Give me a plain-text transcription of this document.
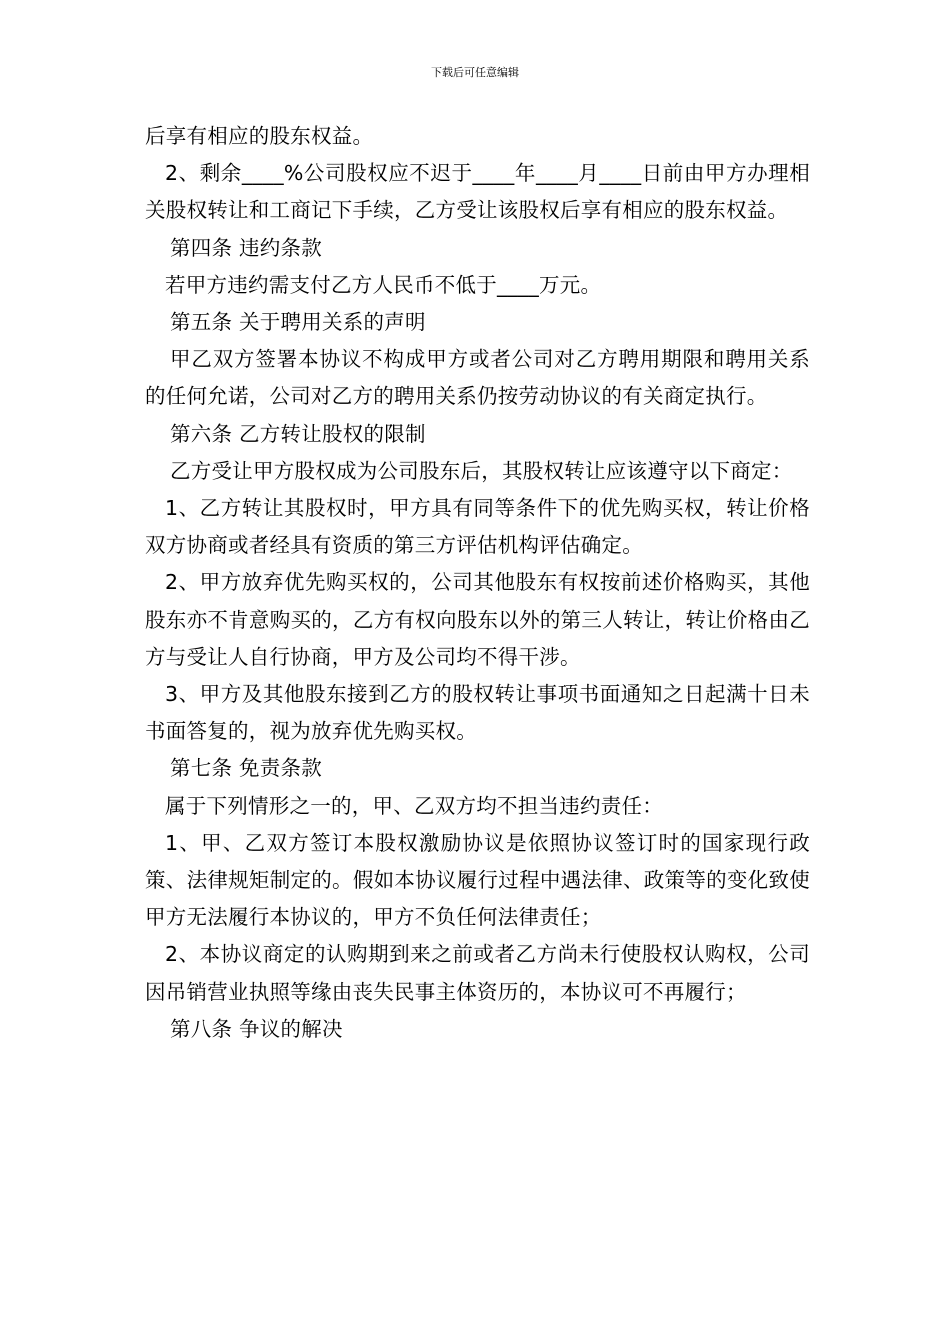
下载后可任意编辑

后享有相应的股东权益。

2、剩余____%公司股权应不迟于____年____月____日前由甲方办理相关股权转让和工商记下手续，乙方受让该股权后享有相应的股东权益。

第四条 违约条款

若甲方违约需支付乙方人民币不低于____万元。

第五条 关于聘用关系的声明

甲乙双方签署本协议不构成甲方或者公司对乙方聘用期限和聘用关系的任何允诺，公司对乙方的聘用关系仍按劳动协议的有关商定执行。

第六条 乙方转让股权的限制

乙方受让甲方股权成为公司股东后，其股权转让应该遵守以下商定：

1、乙方转让其股权时，甲方具有同等条件下的优先购买权，转让价格双方协商或者经具有资质的第三方评估机构评估确定。

2、甲方放弃优先购买权的，公司其他股东有权按前述价格购买，其他股东亦不肯意购买的，乙方有权向股东以外的第三人转让，转让价格由乙方与受让人自行协商，甲方及公司均不得干涉。

3、甲方及其他股东接到乙方的股权转让事项书面通知之日起满十日未书面答复的，视为放弃优先购买权。

第七条 免责条款

属于下列情形之一的，甲、乙双方均不担当违约责任：

1、甲、乙双方签订本股权激励协议是依照协议签订时的国家现行政策、法律规矩制定的。假如本协议履行过程中遇法律、政策等的变化致使甲方无法履行本协议的，甲方不负任何法律责任；

2、本协议商定的认购期到来之前或者乙方尚未行使股权认购权，公司因吊销营业执照等缘由丧失民事主体资历的，本协议可不再履行；

第八条 争议的解决
